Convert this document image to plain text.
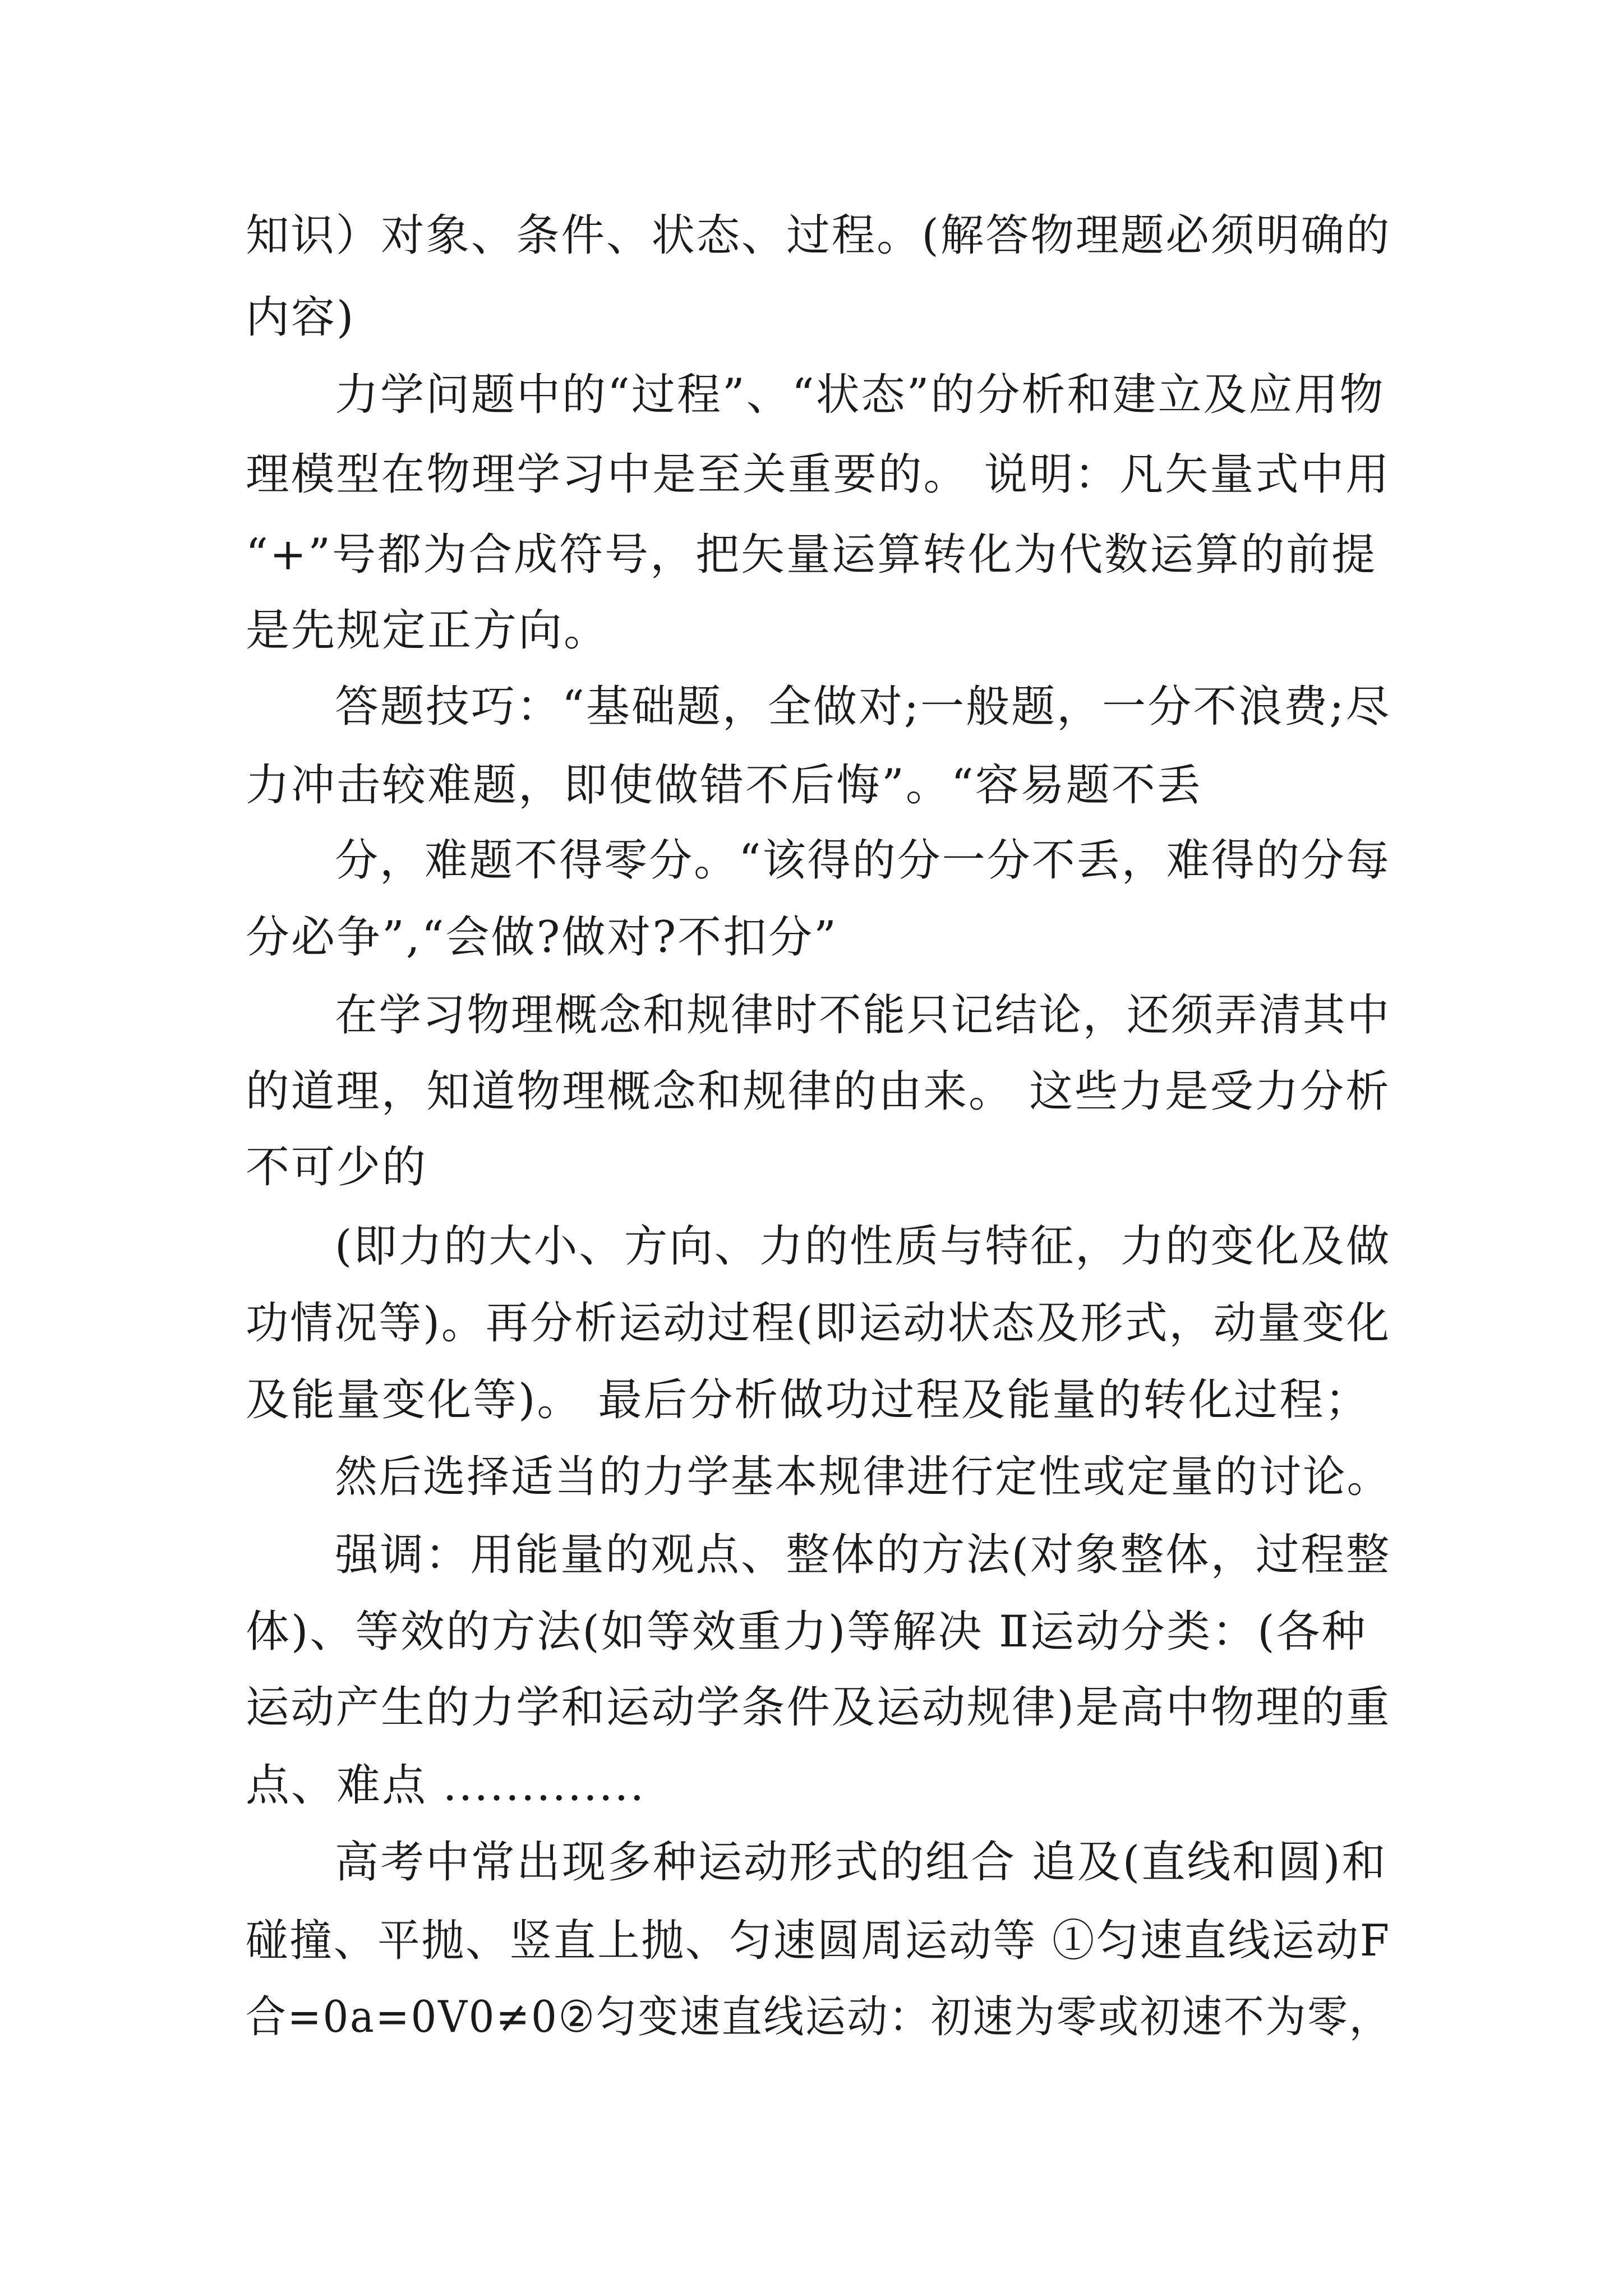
知识）对象、条件、状态、过程。(解答物理题必须明确的
内容)
力学问题中的“过程”、“状态”的分析和建立及应用物
理模型在物理学习中是至关重要的。 说明：凡矢量式中用
“+”号都为合成符号，把矢量运算转化为代数运算的前提
是先规定正方向。
答题技巧：“基础题，全做对;一般题，一分不浪费;尽
力冲击较难题，即使做错不后悔”。“容易题不丢
分，难题不得零分。“该得的分一分不丢，难得的分每
分必争”,“会做?做对?不扣分”
在学习物理概念和规律时不能只记结论，还须弄清其中
的道理，知道物理概念和规律的由来。 这些力是受力分析
不可少的
(即力的大小、方向、力的性质与特征，力的变化及做
功情况等)。再分析运动过程(即运动状态及形式，动量变化
及能量变化等)。 最后分析做功过程及能量的转化过程；
然后选择适当的力学基本规律进行定性或定量的讨论。
强调：用能量的观点、整体的方法(对象整体，过程整
体)、等效的方法(如等效重力)等解决 Ⅱ运动分类：(各种
运动产生的力学和运动学条件及运动规律)是高中物理的重
点、难点 .............
高考中常出现多种运动形式的组合 追及(直线和圆)和
碰撞、平抛、竖直上抛、匀速圆周运动等 ①匀速直线运动F
合=0a=0V0≠0②匀变速直线运动：初速为零或初速不为零，
